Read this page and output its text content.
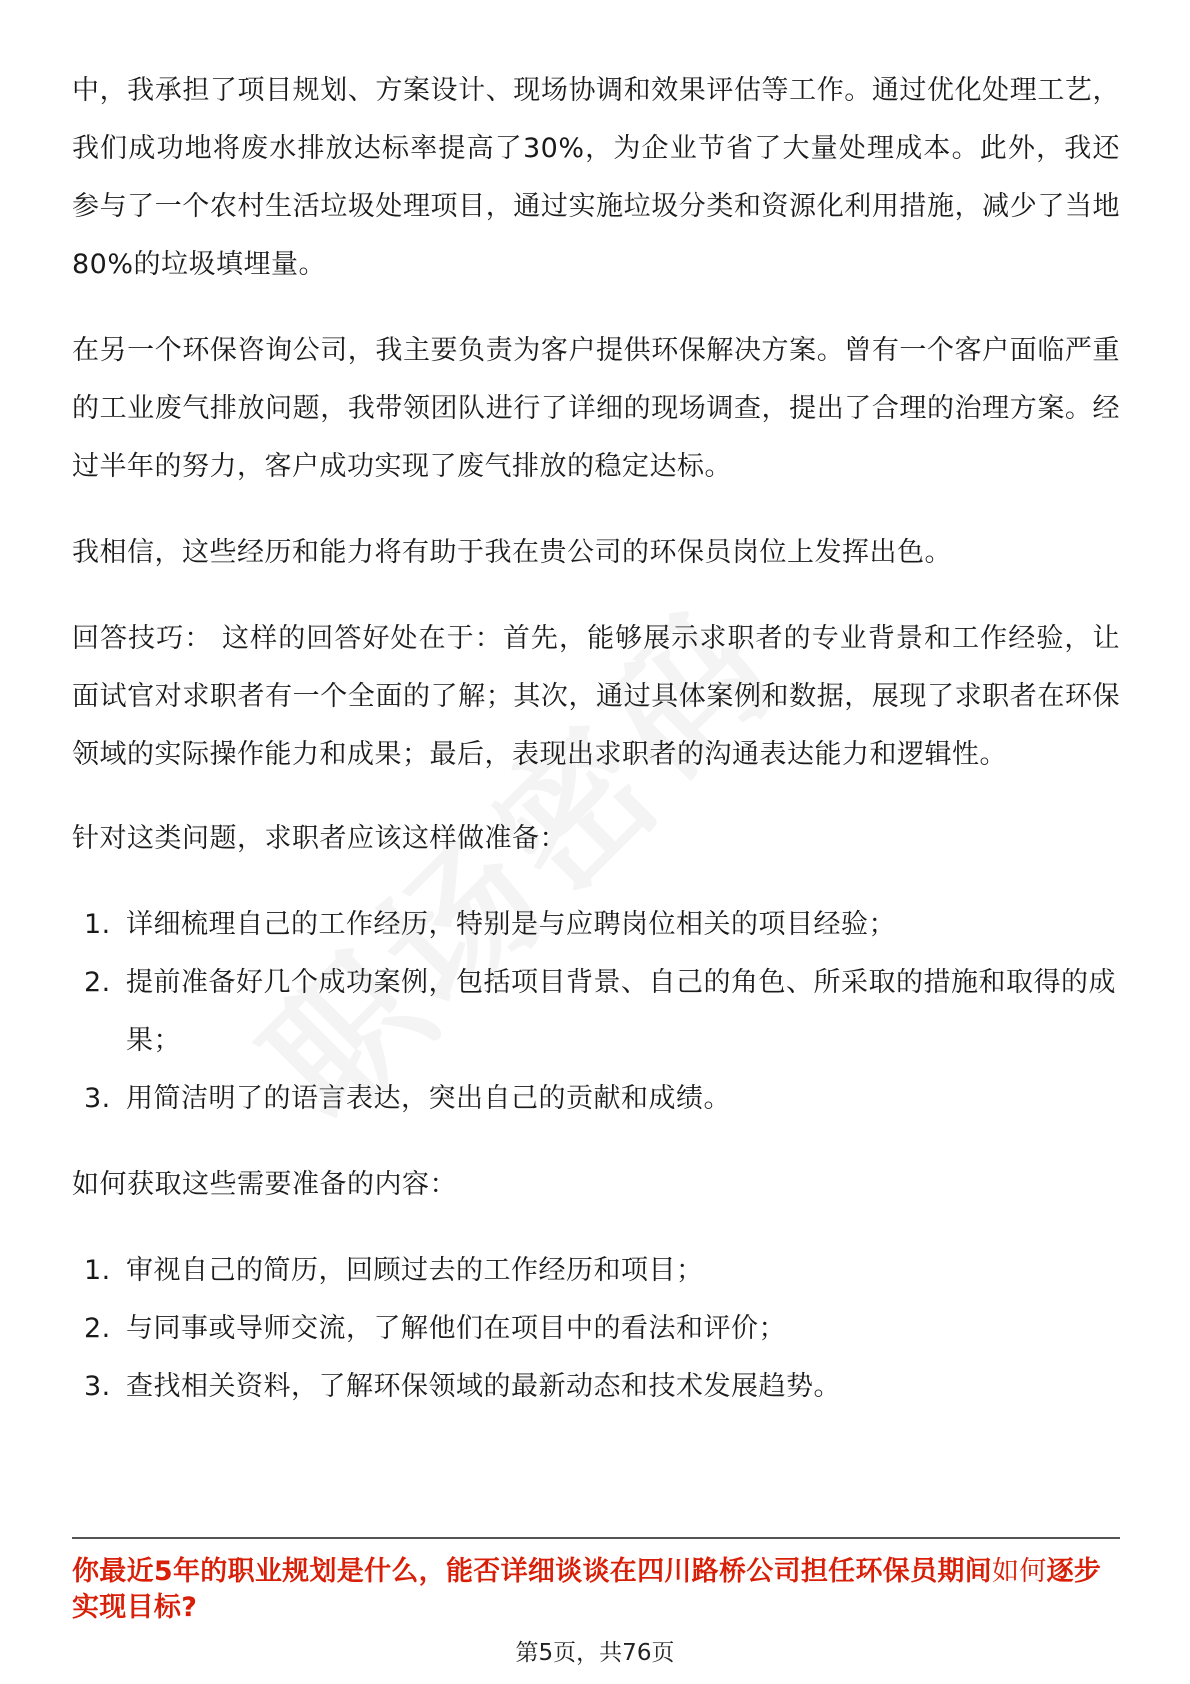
中，我承担了项目规划、方案设计、现场协调和效果评估等工作。通过优化处理工艺，我们成功地将废水排放达标率提高了30%，为企业节省了大量处理成本。此外，我还参与了一个农村生活垃圾处理项目，通过实施垃圾分类和资源化利用措施，减少了当地80%的垃圾填埋量。

在另一个环保咨询公司，我主要负责为客户提供环保解决方案。曾有一个客户面临严重的工业废气排放问题，我带领团队进行了详细的现场调查，提出了合理的治理方案。经过半年的努力，客户成功实现了废气排放的稳定达标。

我相信，这些经历和能力将有助于我在贵公司的环保员岗位上发挥出色。

回答技巧： 这样的回答好处在于：首先，能够展示求职者的专业背景和工作经验，让面试官对求职者有一个全面的了解；其次，通过具体案例和数据，展现了求职者在环保领域的实际操作能力和成果；最后，表现出求职者的沟通表达能力和逻辑性。

针对这类问题，求职者应该这样做准备：

1. 详细梳理自己的工作经历，特别是与应聘岗位相关的项目经验；
2. 提前准备好几个成功案例，包括项目背景、自己的角色、所采取的措施和取得的成果；
3. 用简洁明了的语言表达，突出自己的贡献和成绩。

如何获取这些需要准备的内容：

1. 审视自己的简历，回顾过去的工作经历和项目；
2. 与同事或导师交流，了解他们在项目中的看法和评价；
3. 查找相关资料，了解环保领域的最新动态和技术发展趋势。
你最近5年的职业规划是什么，能否详细谈谈在四川路桥公司担任环保员期间如何逐步实现目标?
第5页，共76页
